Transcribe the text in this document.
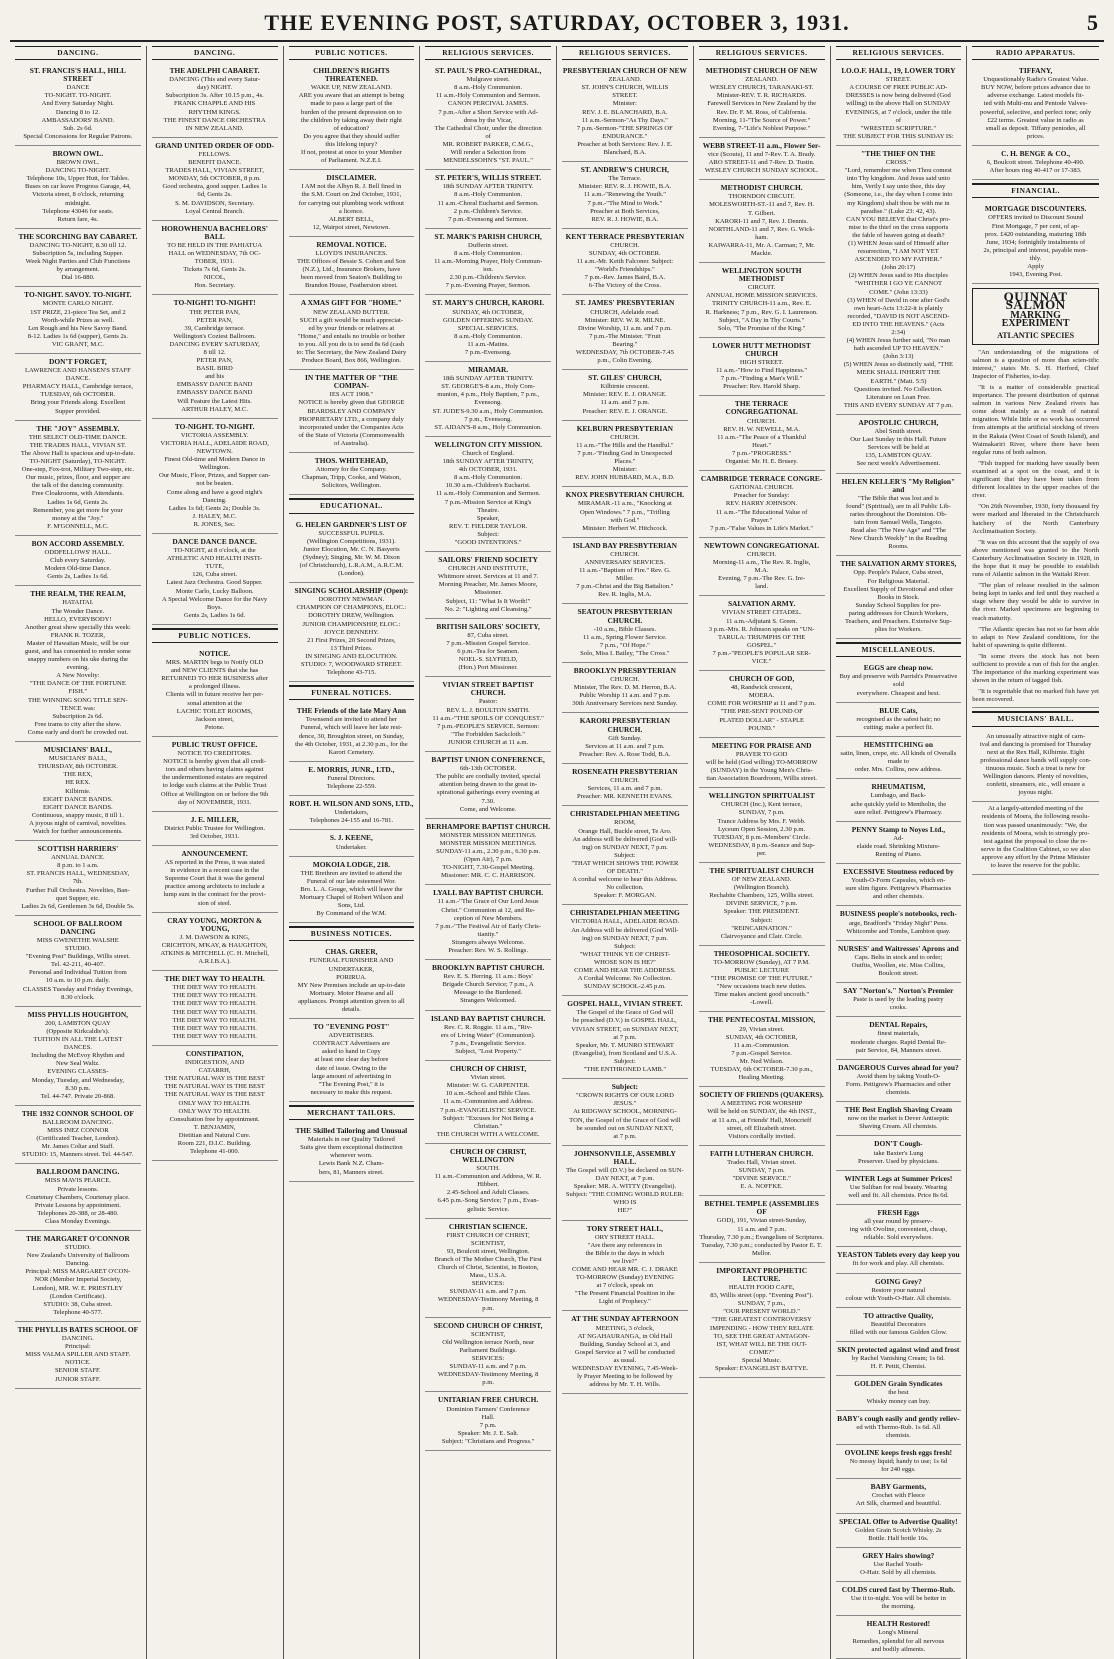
THE EVENING POST, SATURDAY, OCTOBER 3, 1931.	5
DANCING.
ST. FRANCIS'S HALL, HILL STREET
DANCE
TO-NIGHT. TO-NIGHT.
And Every Saturday Night.
Dancing 8 to 12.
AMBASSADORS' BAND.
Sub. 2s 6d.
Special Concessions for Regular Patrons.
BROWN OWL.
BROWN OWL.
DANCING TO-NIGHT.
Telephone 10s, Upper Hutt, for Tables.
Buses on car leave Progress Garage, 44,
Victoria street, 8 o'clock, returning
midnight.
Telephone 43046 for seats.
Return fare, 4s.
THE SCORCHING BAY CABARET.
DANCING TO-NIGHT, 8.30 till 12.
Subscription 5s, including Supper.
Week Night Parties and Club Functions
by arrangement.
Dial 16-880.
TO-NIGHT. SAVOY. TO-NIGHT.
MONTE CARLO NIGHT.
1ST PRIZE, 21-piece Tea Set, and 2
Worth-while Prizes as well.
Len Rough and his New Savoy Band.
8-12. Ladies 1s 6d (supper), Gents 2s.
VIC GRANT, M.C.
DON'T FORGET,
LAWRENCE AND HANSEN'S STAFF
DANCE.
PHARMACY HALL, Cambridge terrace,
TUESDAY, 6th OCTOBER.
Bring your Friends along. Excellent
Supper provided.
THE "JOY" ASSEMBLY.
THE SELECT OLD-TIME DANCE.
THE TRADES HALL, VIVIAN ST.
The Above Hall is spacious and up-to-date.
TO-NIGHT (Saturday), TO-NIGHT.
One-step, Fox-trot, Military Two-step, etc.
Our music, prizes, floor, and supper are
the talk of the dancing community.
Free Cloakrooms, with Attendants.
Ladies 1s 6d, Gents 2s.
Remember, you get more for your
money at the "Joy."
F. M'GONNELL, M.C.
BON ACCORD ASSEMBLY.
ODDFELLOWS' HALL.
Club every Saturday.
Modern Old-time Dance.
Gents 2s, Ladies 1s 6d.
THE REALM, THE REALM,
HATAITAI.
The Wonder Dance.
HELLO, EVERYBODY!
Another great show specially this week:
FRANK R. TOZER,
Master of Hawaiian Music, will be our
guest, and has consented to render some
snappy numbers on his uke during the
evening.
A New Novelty:
"THE DANCE OF THE FORTUNE
FISH."
THE WINNING SONG TITLE SEN-
TENCE was:
Subscription 2s 6d.
Free trams to city after the show.
Come early and don't be crowded out.
MUSICIANS' BALL,
MUSICIANS' BALL,
THURSDAY, 8th OCTOBER.
THE REX,
HE REX.
Kilbirnie.
EIGHT DANCE BANDS.
EIGHT DANCE BANDS.
Continuous, snappy music, 8 till 1.
A joyous night of carnival, novelties.
Watch for further announcements.
SCOTTISH HARRIERS'
ANNUAL DANCE.
8 p.m. to 1 a.m.
ST. FRANCIS HALL, WEDNESDAY,
7th.
Further Full Orchestra. Novelties, Ban-
quet Supper, etc.
Ladies 2s 6d, Gentlemen 3s 6d, Double 5s.
SCHOOL OF BALLROOM DANCING
MISS GWENETHE WALSHE
STUDIO.
"Evening Post" Buildings, Willis street.
Tel. 42-211, 40-407.
Personal and Individual Tuition from
10 a.m. to 10 p.m. daily.
CLASSES Tuesday and Friday Evenings,
8.30 o'clock.
MISS PHYLLIS HOUGHTON,
200, LAMBTON QUAY
(Opposite Kirkcaldie's).
TUITION IN ALL THE LATEST
DANCES.
Including the McEvoy Rhythm and
New Seal Waltz.
EVENING CLASSES-
Monday, Tuesday, and Wednesday,
8.30 p.m.
Tel. 44-747. Private 20-868.
THE 1932 CONNOR SCHOOL OF
BALLROOM DANCING.
MISS INEZ CONNOR
(Certificated Teacher, London).
Mr. James Coltar and Staff.
STUDIO: 15, Manners street. Tel. 44-547.
BALLROOM DANCING.
MISS MAVIS PEARCE.
Private lessons.
Courtenay Chambers, Courtenay place.
Private Lessons by appointment.
Telephones 20-388, or 28-480.
Class Monday Evenings.
THE MARGARET O'CONNOR
STUDIO.
New Zealand's University of Ballroom
Dancing.
Principal: MISS MARGARET O'CON-
NOR (Member Imperial Society,
London), MR. W. E. PRIESTLEY
(London Certificate).
STUDIO: 38, Cuba street.
Telephone 40-577.
THE PHYLLIS BATES SCHOOL OF
DANCING.
Principal:
MISS VALMA SPILLER AND STAFF.
NOTICE.
SENIOR STAFF.
JUNIOR STAFF.
DANCING.
THE ADELPHI CABARET.
DANCING (This and every Satur-
day) NIGHT.
Subscription 3s. After 10.15 p.m., 4s.
FRANK CHAPPLE AND HIS
RHYTHM KINGS.
THE FINEST DANCE ORCHESTRA
IN NEW ZEALAND.
GRAND UNITED ORDER OF ODD-
FELLOWS.
BENEFIT DANCE.
TRADES HALL, VIVIAN STREET,
MONDAY, 5th OCTOBER, 8 p.m.
Good orchestra, good supper. Ladies 1s
6d, Gents 2s.
S. M. DAVIDSON, Secretary.
Loyal Central Branch.
HOROWHENUA BACHELORS' BALL
TO BE HELD IN THE PAHIATUA
HALL on WEDNESDAY, 7th OC-
TOBER, 1931.
Tickets 7s 6d, Gents 2s.
NICOL,
Hon. Secretary.
TO-NIGHT! TO-NIGHT!
THE PETER PAN,
PETER PAN,
39, Cambridge terrace.
Wellington's Coziest Ballroom.
DANCING EVERY SATURDAY,
8 till 12.
PETER PAN,
BASIL BIRD
and his
EMBASSY DANCE BAND
EMBASSY DANCE BAND
Will Feature the Latest Hits.
ARTHUR HALEY, M.C.
TO-NIGHT. TO-NIGHT.
VICTORIA ASSEMBLY.
VICTORIA HALL, ADELAIDE ROAD,
NEWTOWN.
Finest Old-time and Modern Dance in
Wellington.
Our Music, Floor, Prizes, and Supper can-
not be beaten.
Come along and have a good night's
Dancing.
Ladies 1s 6d; Gents 2s; Double 3s.
J. HALEY, M.C.
R. JONES, Sec.
DANCE DANCE DANCE.
TO-NIGHT, at 8 o'clock, at the
ATHLETIC AND HEALTH INSTI-
TUTE,
126, Cuba street.
Latest Jazz Orchestra. Good Supper.
Monte Carlo, Lucky Balloon.
A Special Welcome Dance for the Navy
Boys.
Gents 2s, Ladies 1s 6d.
PUBLIC NOTICES.
NOTICE.
MRS. MARTIN begs to Notify OLD
and NEW CLIENTS that she has
RETURNED TO HER BUSINESS after
a prolonged illness.
Clients will in future receive her per-
sonal attention at the
LACHIC TOILET ROOMS,
Jackson street,
Petone.
PUBLIC TRUST OFFICE.
NOTICE TO CREDITORS.
NOTICE is hereby given that all credi-
tors and others having claims against
the undermentioned estates are required
to lodge such claims at the Public Trust
Office at Wellington on or before the 9th
day of NOVEMBER, 1931.
J. E. MILLER,
District Public Trustee for Wellington.
3rd October, 1931.
ANNOUNCEMENT.
AS reported in the Press, it was stated
in evidence in a recent case in the
Supreme Court that it was the general
practice among architects to include a
lump sum in the contract for the provi-
sion of steel.
CRAY YOUNG, MORTON & YOUNG,
J. M. DAWSON & KING,
CRICHTON, M'KAY, & HAUGHTON,
ATKINS & MITCHELL (C. H. Mitchell,
A.R.I.B.A.).
THE DIET WAY TO HEALTH.
THE DIET WAY TO HEALTH.
THE DIET WAY TO HEALTH.
THE DIET WAY TO HEALTH.
THE DIET WAY TO HEALTH.
THE DIET WAY TO HEALTH.
THE DIET WAY TO HEALTH.
THE DIET WAY TO HEALTH.
CONSTIPATION,
INDIGESTION, AND
CATARRH,
THE NATURAL WAY IS THE BEST
THE NATURAL WAY IS THE BEST
THE NATURAL WAY IS THE BEST
ONLY WAY TO HEALTH.
ONLY WAY TO HEALTH.
Consultation free by appointment.
T. BENJAMIN,
Dietitian and Natural Cure.
Room 221, D.I.C. Building.
Telephone 41-000.
PUBLIC NOTICES.
CHILDREN'S RIGHTS THREATENED.
WAKE UP, NEW ZEALAND.
ARE you aware that an attempt is being
made to pass a large part of the
burden of the present depression on to
the children by taking away their right
of education?
Do you agree that they should suffer
this lifelong injury?
If not, protest at once to your Member
of Parliament. N.Z.E.I.
DISCLAIMER.
I AM not the Albyn R. J. Bell fined in
the S.M. Court on 2nd October, 1931,
for carrying out plumbing work without
a licence.
ALBERT BELL,
12, Wairpoi street, Newtown.
REMOVAL NOTICE.
LLOYD'S INSURANCES.
THE Offices of Bessie S. Cohen and Son
(N.Z.), Ltd., Insurance Brokers, have
been moved from Seaton's Building to
Brandon House, Featherston street.
A XMAS GIFT FOR "HOME."
NEW ZEALAND BUTTER.
SUCH a gift would be much appreciat-
ed by your friends or relatives at
"Home," and entails no trouble or bother
to you. All you do is to send 8s 6d (cash
to: The Secretary, the New Zealand Dairy
Produce Board, Box 866, Wellington.
IN THE MATTER OF "THE COMPAN-
IES ACT 1908."
NOTICE is hereby given that GEORGE
BEARDSLEY AND COMPANY
PROPRIETARY LTD., a company duly
incorporated under the Companies Acts
of the State of Victoria (Commonwealth
of Australia).
THOS. WHITEHEAD,
Attorney for the Company.
Chapman, Tripp, Cooke, and Watson,
Solicitors, Wellington.
EDUCATIONAL.
G. HELEN GARDNER'S LIST OF
SUCCESSFUL PUPILS.
(Wellington Competitions, 1931).
Junior Elocution, Mr. C. N. Basyerts
(Sydney); Singing, Mr. W. M. Dixon
(of Christchurch), L.R.A.M., A.R.C.M.
(London).
SINGING SCHOLARSHIP (Open):
DOROTHY NEWMAN.
CHAMPION OF CHAMPIONS, ELOC.:
DOROTHY DREW, Wellington.
JUNIOR CHAMPIONSHIP, ELOC.:
JOYCE DENNEHY.
21 First Prizes, 20 Second Prizes,
13 Third Prizes.
IN SINGING AND ELOCUTION.
STUDIO: 7, WOODWARD STREET.
Telephone 43-715.
FUNERAL NOTICES.
THE Friends of the late Mary Ann
Townsend are invited to attend her
Funeral, which will leave her late resi-
dence, 30, Broughton street, on Sunday,
the 4th October, 1931, at 2.30 p.m., for the
Karori Cemetery.
E. MORRIS, JUNR., LTD.,
Funeral Directors.
Telephone 22-559.
ROBT. H. WILSON AND SONS, LTD.,
Undertakers,
Telephones 24-155 and 16-781.
S. J. KEENE,
Undertaker.
MOKOIA LODGE, 218.
THE Brethren are invited to attend the
Funeral of our late esteemed Wor.
Bro. L. A. Gouge, which will leave the
Mortuary Chapel of Robert Wilson and
Sons, Ltd.
By Command of the W.M.
BUSINESS NOTICES.
CHAS. GREER,
FUNERAL FURNISHER AND
UNDERTAKER,
PORIRUA.
MY New Premises include an up-to-date
Mortuary. Motor Hearse and all
appliances. Prompt attention given to all
details.
TO "EVENING POST"
ADVERTISERS.
CONTRACT Advertisers are
asked to hand in Copy
at least one clear day before
date of issue. Owing to the
large amount of advertising in
"The Evening Post," it is
necessary to make this request.
MERCHANT TAILORS.
THE Skilled Tailoring and Unusual
Materials in our Quality Tailored
Suits give them exceptional distinction
whenever worn.
Lewis Bank N.Z. Cham-
bers, 81, Manners street.
RELIGIOUS SERVICES.
ST. PAUL'S PRO-CATHEDRAL,
Mulgrave street.
8 a.m.-Holy Communion.
11 a.m.-Holy Communion and Sermon.
CANON PERCIVAL JAMES.
7 p.m.-After a Short Service with Ad-
dress by the Vicar,
The Cathedral Choir, under the direction
of
MR. ROBERT PARKER, C.M.G.,
Will render a Selection from
MENDELSSOHN'S "ST. PAUL."
ST. PETER'S, WILLIS STREET.
18th SUNDAY AFTER TRINITY.
8 a.m.-Holy Communion.
11 a.m.-Choral Eucharist and Sermon.
2 p.m.-Children's Service.
7 p.m.-Evensong and Sermon.
ST. MARK'S PARISH CHURCH,
Dufferin street.
8 a.m.-Holy Communion.
11 a.m.-Morning Prayer, Holy Commun-
ion.
2.30 p.m.-Children's Service.
7 p.m.-Evening Prayer, Sermon.
ST. MARY'S CHURCH, KARORI.
SUNDAY, 4th OCTOBER,
GOLDEN OFFERING SUNDAY.
SPECIAL SERVICES.
8 a.m.-Holy Communion.
11 a.m.-Matins.
7 p.m.-Evensong.
MIRAMAR.
18th SUNDAY AFTER TRINITY.
ST. GEORGE'S-8 a.m., Holy Com-
munion, 4 p.m., Holy Baptism, 7 p.m.,
Evensong.
ST. JUDE'S-9.30 a.m., Holy Communion.
7 p.m., Evensong.
ST. AIDAN'S-8 a.m., Holy Communion.
WELLINGTON CITY MISSION.
Church of England.
18th SUNDAY AFTER TRINITY,
4th OCTOBER, 1931.
8 a.m.-Holy Communion.
10.30 a.m.-Children's Eucharist.
11 a.m.-Holy Communion and Sermon.
7 p.m.-Mission Service at King's
Theatre.
Speaker,
REV. T. FIELDER TAYLOR.
Subject:
"GOOD INTENTIONS."
SAILORS' FRIEND SOCIETY
CHURCH AND INSTITUTE,
Whitmore street. Services at 11 and 7.
Morning Preacher, Mr. James Moore,
Missioner.
Subject, 11: "What Is It Worth!"
No. 2: "Lighting and Cleansing."
BRITISH SAILORS' SOCIETY,
87, Cuba street.
7 p.m.-Mission Gospel Service.
6 p.m.-Tea for Seamen.
NOEL-S. SLYFIELD,
(Hon.) Port Missioner.
VIVIAN STREET BAPTIST CHURCH.
Pastor:
REV. L. J. BOULTON SMITH.
11 a.m.-"THE SPOILS OF CONQUEST."
7 p.m.-PEOPLE'S SERVICE. Sermon:
"The Forbidden Sackcloth."
JUNIOR CHURCH at 11 a.m.
BAPTIST UNION CONFERENCE,
6th-13th OCTOBER.
The public are cordially invited, special
attention being drawn to the great in-
spirational gatherings every evening at
7.30.
Come, and Welcome.
BERHAMPORE BAPTIST CHURCH.
MONSTER MISSION MEETINGS.
MONSTER MISSION MEETINGS.
SUNDAY-11 a.m., 2.30 p.m., 6.30 p.m.
(Open Air), 7 p.m.
TO-NIGHT, 7.30-Gospel Meeting.
Missioner: MR. C. C. HARRISON.
LYALL BAY BAPTIST CHURCH.
11 a.m.-"The Grace of Our Lord Jesus
Christ." Communion at 12, and Re-
ception of New Members.
7 p.m.-"The Festival Air of Early Chris-
tianity."
Strangers always Welcome.
Preacher: Rev. W. S. Rollings.
BROOKLYN BAPTIST CHURCH.
Rev. E. S. Herring. 11 a.m.: Boys'
Brigade Church Service; 7 p.m., A
Message to the Burdened.
Strangers Welcomed.
ISLAND BAY BAPTIST CHURCH.
Rev. C. R. Roggie. 11 a.m., "Riv-
ers of Living Water" (Communion).
7 p.m., Evangelistic Service.
Subject, "Lost Property."
CHURCH OF CHRIST,
Vivian street.
Minister: W. G. CARPENTER.
10 a.m.-School and Bible Class.
11 a.m.-Communion and Address.
7 p.m.-EVANGELISTIC SERVICE.
Subject: "Excuses for Not Being a
Christian."
THE CHURCH WITH A WELCOME.
CHURCH OF CHRIST, WELLINGTON
SOUTH.
11 a.m.-Communion and Address, W. R.
Hibbert.
2.45-School and Adult Classes.
6.45 p.m.-Song Service; 7 p.m., Evan-
gelistic Service.
CHRISTIAN SCIENCE.
FIRST CHURCH OF CHRIST,
SCIENTIST,
93, Boulcott street, Wellington.
Branch of The Mother Church, The First
Church of Christ, Scientist, in Boston,
Mass., U.S.A.
SERVICES:
SUNDAY-11 a.m. and 7 p.m.
WEDNESDAY-Testimony Meeting, 8
p.m.
SECOND CHURCH OF CHRIST,
SCIENTIST,
Old Wellington terrace North, near
Parliament Buildings.
SERVICES:
SUNDAY-11 a.m. and 7 p.m.
WEDNESDAY-Testimony Meeting, 8
p.m.
UNITARIAN FREE CHURCH.
Dominion Farmers' Conference
Hall.
7 p.m.
Speaker: Mr. J. E. Salt.
Subject: "Christians and Progress."
RELIGIOUS SERVICES.
PRESBYTERIAN CHURCH OF NEW
ZEALAND.
ST. JOHN'S CHURCH, WILLIS
STREET.
Minister:
REV. J. E. BLANCHARD, B.A.
11 a.m.-Sermon-"As Thy Days."
7 p.m.-Sermon-"THE SPRINGS OF
ENDURANCE."
Preacher at both Services: Rev. J. E.
Blanchard, B.A.
ST. ANDREW'S CHURCH,
The Terrace.
Minister: REV. R. J. HOWIE, B.A.
11 a.m.-"Renewing the Youth."
7 p.m.-"The Mind to Work."
Preacher at Both Services,
REV. R. J. HOWIE, B.A.
KENT TERRACE PRESBYTERIAN
CHURCH.
SUNDAY, 4th OCTOBER.
11 a.m.-Mr. Keith Falconer. Subject:
"World's Friendships."
7 p.m.-Rev. James Baird, B.A.
6-The Victory of the Cross.
ST. JAMES' PRESBYTERIAN
CHURCH, Adelaide road.
Minister: REV. W. R. MILNE.
Divine Worship, 11 a.m. and 7 p.m.
7 p.m.-The Minister. "Fruit
Bearing."
WEDNESDAY, 7th OCTOBER-7.45
p.m., Colin Evening.
ST. GILES' CHURCH,
Kilbirnie crescent.
Minister: REV. E. J. ORANGE.
11 a.m. and 7 p.m.
Preacher: REV. E. J. ORANGE.
KELBURN PRESBYTERIAN
CHURCH.
11 a.m.-"The Hills and the Handful."
7 p.m.-"Finding God in Unexpected
Places."
Minister:
REV. JOHN HUBBARD, M.A., B.D.
KNOX PRESBYTERIAN CHURCH.
MIRAMAR.-11 a.m., "Knocking at
Open Windows." 7 p.m., "Trifling
with God."
Minister: Herbert W. Hitchcock.
ISLAND BAY PRESBYTERIAN
CHURCH.
ANNIVERSARY SERVICES.
11 a.m.-"Baptism of Fire." Rev. G.
Miller.
7 p.m.-Christ and the Big Battalion."
Rev. R. Inglis, M.A.
SEATOUN PRESBYTERIAN CHURCH.
-10 a.m., Bible Classes.
11 a.m., Spring Flower Service.
7 p.m., "Of Hope."
Solo, Miss I. Bailey, "The Cross."
BROOKLYN PRESBYTERIAN
CHURCH.
Minister, The Rev. D. M. Herron, B.A.
Public Worship 11 a.m. and 7 p.m.
30th Anniversary Services next Sunday.
KARORI PRESBYTERIAN CHURCH.
Gift Sunday.
Services at 11 a.m. and 7 p.m.
Preacher: Rev. A. Rose Todd, B.A.
ROSENEATH PRESBYTERIAN
CHURCH.
Services, 11 a.m. and 7 p.m.
Preacher: MR. KENNETH EVANS.
CHRISTADELPHIAN MEETING
ROOM,
Orange Hall, Buckle street, Te Aro.
An address will be delivered (God will-
ing) on SUNDAY NEXT, 7 p.m.
Subject:
"THAT WHICH SHOWS THE POWER
OF DEATH."
A cordial welcome to hear this Address.
No collection.
Speaker: F. MORGAN.
CHRISTADELPHIAN MEETING
VICTORIA HALL, ADELAIDE ROAD.
An Address will be delivered (God Will-
ing) on SUNDAY NEXT, 7 p.m.
Subject:
"WHAT THINK YE OF CHRIST-
WHOSE SON IS HE?"
COME AND HEAR THE ADDRESS.
A Cordial Welcome. No Collection.
SUNDAY SCHOOL-2.45 p.m.
GOSPEL HALL, VIVIAN STREET.
The Gospel of the Grace of God will
be preached (D.V.) in GOSPEL HALL,
VIVIAN STREET, on SUNDAY NEXT,
at 7 p.m.
Speaker, Mr. T. MUNRO STEWART
(Evangelist), from Scotland and U.S.A.
Subject:
"THE ENTHRONED LAMB."
Subject:
"CROWN RIGHTS OF OUR LORD
JESUS."
At RIDGWAY SCHOOL, MORNING-
TON, the Gospel of the Grace of God will
be sounded out on SUNDAY NEXT,
at 7 p.m.
JOHNSONVILLE, ASSEMBLY HALL.
The Gospel will (D.V.) be declared on SUN-
DAY NEXT, at 7 p.m.
Speaker: MR. A. WITTY (Evangelist).
Subject: "THE COMING WORLD RULER: WHO IS
HE?"
TORY STREET HALL,
ORY STREET HALL.
"Are there any references in
the Bible to the days in which
we live?"
COME AND HEAR MR. C. J. DRAKE
TO-MORROW (Sunday) EVENING
at 7 o'clock, speak on
"The Present Financial Position in the
Light of Prophecy."
AT THE SUNDAY AFTERNOON
MEETING, 3 o'clock,
AT NGAHAURANGA, in Old Hall
Building, Sunday School at 3, and
Gospel Service at 7 will be conducted
as usual.
WEDNESDAY EVENING, 7.45-Week-
ly Prayer Meeting to be followed by
address by Mr. T. H. Wills.
RELIGIOUS SERVICES.
METHODIST CHURCH OF NEW
ZEALAND.
WESLEY CHURCH, TARANAKI-ST.
Minister-REV. T. R. RICHARDS.
Farewell Services in New Zealand by the
Rev. Dr. F. M. Ross, of California.
Morning, 11-"The Source of Power."
Evening, 7-"Life's Noblest Purpose."
WEBB STREET-11 a.m., Flower Ser-
vice (Scouts), 11 and 7-Rev. T. A. Brady.
ARO STREET-11 and 7-Rev. D. Tustin.
WESLEY CHURCH SUNDAY SCHOOL.
METHODIST CHURCH.
THORNDON CIRCUIT.
MOLESWORTH-ST.-11 and 7, Rev. H.
T. Gilbert.
KARORI-11 and 7, Rev. J. Dennis.
NORTHLAND-11 and 7, Rev. G. Wick-
ham.
KAIWARRA-11, Mr. A. Carman; 7, Mr.
Mackie.
WELLINGTON SOUTH METHODIST
CIRCUIT.
ANNUAL HOME MISSION SERVICES.
TRINITY CHURCH-11 a.m., Rev. E.
R. Harkness; 7 p.m., Rev. G. I. Laurenson.
Subject, "A Day in Thy Courts."
Solo, "The Promise of the King."
LOWER HUTT METHODIST CHURCH
HIGH STREET.
11 a.m.-"How to Find Happiness."
7 p.m.-"Finding a Man's Will."
Preacher: Rev. Harold Sharp.
THE TERRACE CONGREGATIONAL
CHURCH.
REV. H. W. NEWELL, M.A.
11 a.m.-"The Peace of a Thankful
Heart."
7 p.m.-"PROGRESS."
Organist: Mr. H. E. Brusey.
CAMBRIDGE TERRACE CONGRE-
GATIONAL CHURCH.
Preacher for Sunday:
REV. HARRY JOHNSON.
11 a.m.-"The Educational Value of
Prayer."
7 p.m.-"False Values in Life's Market."
NEWTOWN CONGREGATIONAL
CHURCH.
Morning-11 a.m., The Rev. R. Inglis,
M.A.
Evening, 7 p.m.-The Rev. G. Ire-
land.
SALVATION ARMY.
VIVIAN STREET CITADEL.
11 a.m.-Adjutant S. Green.
3 p.m.-Mrs. R. Johnson speaks on "UN-
TARULA: TRIUMPHS OF THE
GOSPEL."
7 p.m.-"PEOPLE'S POPULAR SER-
VICE."
CHURCH OF GOD,
48, Randwick crescent,
MOERA.
COME FOR WORSHIP at 11 and 7 p.m.
"THE PRE-SENT POUND OF
PLATED DOLLAR" - STAPLE
POUND."
MEETING FOR PRAISE AND
PRAYER TO GOD
will be held (God willing) TO-MORROW
(SUNDAY) in the Young Men's Chris-
tian Association Boardroom, Willis street.
WELLINGTON SPIRITUALIST
CHURCH (Inc.), Kent terrace,
SUNDAY, 7 p.m.
Trance Address by Mrs. F. Webb.
Lyceum Open Session, 2.30 p.m.
TUESDAY, 8 p.m.-Members' Circle.
WEDNESDAY, 8 p.m.-Seance and Sup-
per.
THE SPIRITUALIST CHURCH
OF NEW ZEALAND.
(Wellington Branch).
Rechabite Chambers, 125, Willis street.
DIVINE SERVICE, 7 p.m.
Speaker: THE PRESIDENT.
Subject:
"REINCARNATION."
Clairvoyance and Clair. Circle.
THEOSOPHICAL SOCIETY.
TO-MORROW (Sunday), AT 7 P.M.
PUBLIC LECTURE
"THE PROMISE OF THE FUTURE."
"New occasions teach new duties.
Time makes ancient good uncouth."
-Lowell.
THE PENTECOSTAL MISSION,
29, Vivian street.
SUNDAY, 4th OCTOBER,
11 a.m.-Communion.
7 p.m.-Gospel Service.
Mr. Ned Wilson.
TUESDAY, 6th OCTOBER-7.30 p.m.,
Healing Meeting.
SOCIETY OF FRIENDS (QUAKERS).
A MEETING FOR WORSHIP
Will be held on SUNDAY, the 4th INST.,
at 11 a.m., at Friends' Hall, Moncrieff
street, off Elizabeth street.
Visitors cordially invited.
FAITH LUTHERAN CHURCH.
Trades Hall, Vivian street.
SUNDAY, 7 p.m.
"DIVINE SERVICE."
E. A. NOFFKE.
BETHEL TEMPLE (ASSEMBLIES OF
GOD), 191, Vivian street-Sunday,
11 a.m. and 7 p.m.
Thursday, 7.30 p.m.; Evangelism of Scriptures.
Tuesday, 7.30 p.m.; conducted by Pastor E. T. Mellor.
IMPORTANT PROPHETIC LECTURE.
HEALTH FOOD CAFE,
83, Willis street (opp. "Evening Post").
SUNDAY, 7 p.m.,
"OUR PRESENT WORLD."
"THE GREATEST CONTROVERSY
IMPENDING - HOW THEY RELATE
TO, SEE THE GREAT ANTAGON-
IST, WHAT WILL BE THE OUT-
COME?"
Special Music.
Speaker: EVANGELIST BATTYE.
RELIGIOUS SERVICES.
I.O.O.F. HALL, 19, LOWER TORY
STREET.
A COURSE OF FREE PUBLIC AD-
DRESSES is now being delivered (God
willing) in the above Hall on SUNDAY
EVENINGS, at 7 o'clock, under the title
of
"WRESTED SCRIPTURE."
THE SUBJECT FOR THIS SUNDAY IS:
"THE THIEF ON THE
CROSS."
"Lord, remember me when Thou comest
into Thy kingdom. And Jesus said unto
him, Verily I say unto thee, this day
(Someone, i.e., the day when I come into
my Kingdom) shalt thou be with me in
paradise." (Luke 23: 42, 43).
CAN YOU BELIEVE that Christ's pro-
mise to the thief on the cross supports
the fable of heaven going at death?
(1) WHEN Jesus said of Himself after
resurrection, "I AM NOT YET
ASCENDED TO MY FATHER."
(John 20:17)
(2) WHEN Jesus said to His disciples
"WHITHER I GO YE CANNOT
COME." (John 13:33)
(3) WHEN of David in one after God's
own heart-Acts 13:22-it is plainly
recorded, "DAVID IS NOT ASCEND-
ED INTO THE HEAVENS." (Acts
2:34)
(4) WHEN Jesus further said, "No man
hath ascended UP TO HEAVEN."
(John 3:13)
(5) WHEN Jesus so distinctly said, "THE
MEEK SHALL INHERIT THE
EARTH." (Matt. 5:5)
Questions invited. No Collection.
Literature on Loan Free.
THIS AND EVERY SUNDAY AT 7 p.m.
APOSTOLIC CHURCH,
Abel Smith street.
Our Last Sunday in this Hall. Future
Services will be held at
135, LAMBTON QUAY.
See next week's Advertisement.
HELEN KELLER'S "My Religion" and
"The Bible that was lost and is
found" (Spiritual), are in all Public Lib-
raries throughout the Dominion. Ob-
tain from Samuel Wells, Tangoio.
Read also "The New Age" and "The
New Church Weekly" in the Reading
Rooms.
THE SALVATION ARMY STORES,
Opp. People's Palace, Cuba street,
For Religious Material.
Excellent Supply of Devotional and other
Books in Stock.
Sunday School Supplies for pre-
paring addresses for Church Workers,
Teachers, and Preachers. Extensive Sup-
plies for Workers.
MISCELLANEOUS.
EGGS are cheap now.
Buy and preserve with Parrish's Preservative sold
everywhere. Cheapest and best.
BLUE Cats,
recognised as the safest hair; no
cutting; make a perfect fit.
HEMSTITCHING on
satin, linen, crepe, etc. All kinds of Overalls made to
order. Mrs. Collins, new address.
RHEUMATISM,
Lumbago, and Back-
ache quickly yield to Mentholin, the
sure relief. Pettigrew's Pharmacy.
PENNY Stamp to Noyes Ltd.,
Ad-
elaide road. Shrinking Mixture-
Renting of Piano.
EXCESSIVE Stoutness reduced by
Youth-O-Form Capsules, which en-
sure slim figure. Pettigrew's Pharmacies
and other chemists.
BUSINESS people's notebooks, rech-
arge, Bradford's "Friday Night" Pens.
Whitcombe and Tombs, Lambton quay.
NURSES' and Waitresses' Aprons and
Caps. Belts in stock and to order;
Outfits, Woollen, etc. Miss Collins,
Boulcott street.
SAY "Norton's." Norton's Premier
Paste is used by the leading pastry
cooks.
DENTAL Repairs,
finest materials,
moderate charges. Rapid Dental Re-
pair Service, 84, Manners street.
DANGEROUS Curves ahead for you?
Avoid them by taking Youth-O-
Form. Pettigrew's Pharmacies and other
chemists.
THE Best English Shaving Cream
now on the market is Dever Antiseptic
Shaving Cream. All chemists.
DON'T Cough-
take Baxter's Lung
Preserver. Used by physicians.
WINTER Legs at Summer Prices!
Use Suliban for real beauty. Wearing
well and fit. All chemists. Price 8s 6d.
FRESH Eggs
all year round by preserv-
ing with Ovoline, convenient, cheap,
reliable. Sold everywhere.
YEASTON Tablets every day keep you
fit for work and play. All chemists.
GOING Grey?
Restore your natural
colour with Youth-O-Hair. All chemists.
TO attractive Quality,
Beautiful Decorators
filled with our famous Golden Glow.
SKIN protected against wind and frost
by Rachel Vanishing Cream; 1s 6d.
H. F. Pettit, Chemist.
GOLDEN Grain Syndicates
the best
Whisky money can buy.
BABY's cough easily and gently reliev-
ed with Thermo-Rub. 1s 6d. All
chemists.
OVOLINE keeps fresh eggs fresh!
No messy liquid; handy to use; 1s 6d
for 240 eggs.
BABY Garments,
Crochet with Fleece
Art Silk, charmed and beautiful.
SPECIAL Offer to Advertise Quality!
Golden Grain Scotch Whisky. 2s
Bottle. Half bottle 16s.
GREY Hairs showing?
Use Rachel Youth-
O-Hair. Sold by all chemists.
COLDS cured fast by Thermo-Rub.
Use it to-night. You will be better in
the morning.
HEALTH Restored!
Long's Mineral
Remedies, splendid for all nervous
and bodily ailments.
RADIO APPARATUS.
TIFFANY,
Unquestionably Radio's Greatest Value.
BUY NOW, before prices advance due to
adverse exchange. Latest models fit-
ted with Multi-mu and Pentode Valves-
powerful, selective, and perfect tone; only
£22 terms. Greatest value in radio as
small as deposit. Tiffany pentodes, all
prices.
C. H. BENGE & CO.,
6, Boulcott street. Telephone 40-490.
After hours ring 40-417 or 17-383.
FINANCIAL.
MORTGAGE DISCOUNTERS.
OFFERS invited to Discount Sound
First Mortgage, 7 per cent, of ap-
prox. £420 outstanding, maturing 18th
June, 1934; fortnightly instalments of
2s, principal and interest, payable mon-
thly.
Apply
1943, Evening Post.
QUINNAT SALMON
MARKING EXPERIMENT
ATLANTIC SPECIES
"An understanding of the migrations of salmon is a question of more than scien-tific interest," states Mr. S. H. Herford, Chief Inspector of Fisheries, to-day.
"It is a matter of considerable practical importance. The present distribution of quinnat salmon in various New Zealand rivers has come about mainly as a result of natural migration. While little or no work has occurred from attempts at the artificial stocking of rivers in the Rakaia (West Coast of South Island), and Waimakariri River, where there have been regular runs of both salmon.
"Fish trapped for marking have usually been examined at a spot on the coast, and it is significant that they have been taken from different localities in the upper reaches of the river.
"On 26th November, 1930, forty thousand fry were marked and liberated in the Christchurch hatchery of the North Canterbury Acclimatisation Society.
"It was on this account that the supply of ova above mentioned was granted to the North Canterbury Acclimatisation Society in 1928, in the hope that it may be possible to establish runs of Atlantic salmon in the Waitaki River.
"The plan of release resulted in the salmon being kept in tanks and fed until they reached a stage where they would be able to survive in the river. Marked specimens are beginning to reach maturity.
"The Atlantic species has not so far been able to adapt to New Zealand conditions, for the habit of spawning is quite different.
"In some rivers the stock has not been sufficient to provide a run of fish for the angler. The importance of the marking experiment was shown in the return of tagged fish.
"It is regrettable that no marked fish have yet been recovered.
MUSICIANS' BALL.
An unusually attractive night of carn-
ival and dancing is promised for Thursday
next at the Rex Hall, Kilbirnie. Eight
professional dance bands will supply con-
tinuous music. Such a treat is new for
Wellington dancers. Plenty of novelties,
confetti, streamers, etc., will ensure a
joyous night.
At a largely-attended meeting of the
residents of Moera, the following resolu-
tion was passed unanimously: "We, the
residents of Moera, wish to strongly pro-
test against the proposal to close the re-
serve in the Coalition Cabinet, so we also
approve any effort by the Prime Minister
to leave the reserve for the public.
